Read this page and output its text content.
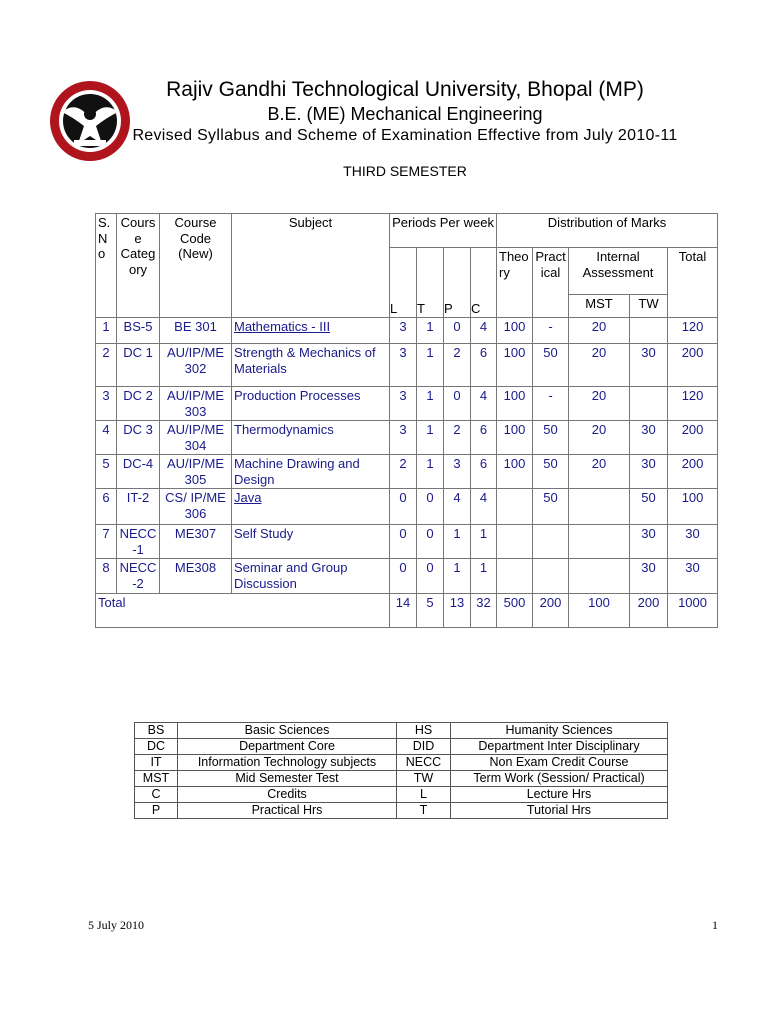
Rajiv Gandhi Technological University, Bhopal (MP)
B.E. (ME) Mechanical Engineering
Revised Syllabus and Scheme of Examination Effective from July 2010-11
THIRD SEMESTER
S. N o	Cours e Categ ory	Course Code (New)	Subject	Periods Per week				Distribution of Marks				
				L	T	P	C	Theo ry	Pract ical	Internal Assessment		Total
										MST	TW	
1	BS-5	BE 301	Mathematics - III	3	1	0	4	100	-	20		120
2	DC 1	AU/IP/ME 302	Strength & Mechanics of Materials	3	1	2	6	100	50	20	30	200
3	DC 2	AU/IP/ME 303	Production Processes	3	1	0	4	100	-	20		120
4	DC 3	AU/IP/ME 304	Thermodynamics	3	1	2	6	100	50	20	30	200
5	DC-4	AU/IP/ME 305	Machine Drawing and Design	2	1	3	6	100	50	20	30	200
6	IT-2	CS/ IP/ME 306	Java	0	0	4	4		50		50	100
7	NECC -1	ME307	Self Study	0	0	1	1				30	30
8	NECC -2	ME308	Seminar and Group Discussion	0	0	1	1				30	30
Total				14	5	13	32	500	200	100	200	1000
BS	Basic Sciences	HS	Humanity Sciences
DC	Department Core	DID	Department Inter Disciplinary
IT	Information Technology subjects	NECC	Non Exam Credit Course
MST	Mid Semester Test	TW	Term Work (Session/ Practical)
C	Credits	L	Lecture Hrs
P	Practical Hrs	T	Tutorial Hrs
5 July 2010	1
